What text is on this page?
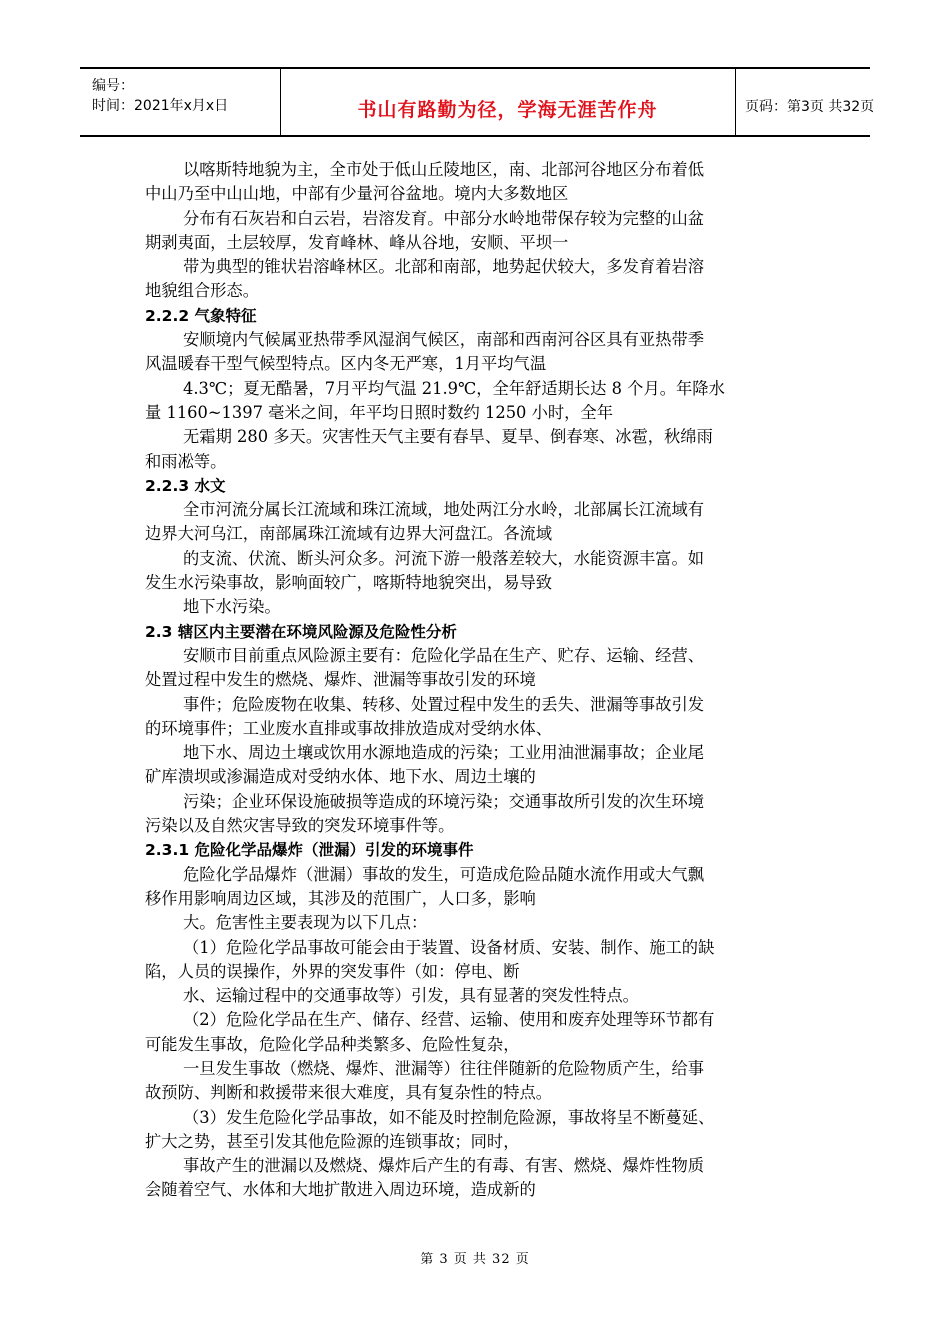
编号：
时间：2021年x月x日	书山有路勤为径，学海无涯苦作舟	页码：第3页 共32页
以喀斯特地貌为主，全市处于低山丘陵地区，南、北部河谷地区分布着低
中山乃至中山山地，中部有少量河谷盆地。境内大多数地区
分布有石灰岩和白云岩，岩溶发育。中部分水岭地带保存较为完整的山盆
期剥夷面，土层较厚，发育峰林、峰从谷地，安顺、平坝一
带为典型的锥状岩溶峰林区。北部和南部，地势起伏较大，多发育着岩溶
地貌组合形态。
2.2.2 气象特征
安顺境内气候属亚热带季风湿润气候区，南部和西南河谷区具有亚热带季
风温暖春干型气候型特点。区内冬无严寒，1月平均气温
4.3℃；夏无酷暑，7月平均气温 21.9℃，全年舒适期长达 8 个月。年降水
量 1160~1397 毫米之间，年平均日照时数约 1250 小时，全年
无霜期 280 多天。灾害性天气主要有春旱、夏旱、倒春寒、冰雹，秋绵雨
和雨凇等。
2.2.3 水文
全市河流分属长江流域和珠江流域，地处两江分水岭，北部属长江流域有
边界大河乌江，南部属珠江流域有边界大河盘江。各流域
的支流、伏流、断头河众多。河流下游一般落差较大，水能资源丰富。如
发生水污染事故，影响面较广，喀斯特地貌突出，易导致
地下水污染。
2.3 辖区内主要潜在环境风险源及危险性分析
安顺市目前重点风险源主要有：危险化学品在生产、贮存、运输、经营、
处置过程中发生的燃烧、爆炸、泄漏等事故引发的环境
事件；危险废物在收集、转移、处置过程中发生的丢失、泄漏等事故引发
的环境事件；工业废水直排或事故排放造成对受纳水体、
地下水、周边土壤或饮用水源地造成的污染；工业用油泄漏事故；企业尾
矿库溃坝或渗漏造成对受纳水体、地下水、周边土壤的
污染；企业环保设施破损等造成的环境污染；交通事故所引发的次生环境
污染以及自然灾害导致的突发环境事件等。
2.3.1 危险化学品爆炸（泄漏）引发的环境事件
危险化学品爆炸（泄漏）事故的发生，可造成危险品随水流作用或大气飘
移作用影响周边区域，其涉及的范围广，人口多，影响
大。危害性主要表现为以下几点：
（1）危险化学品事故可能会由于装置、设备材质、安装、制作、施工的缺
陷，人员的误操作，外界的突发事件（如：停电、断
水、运输过程中的交通事故等）引发，具有显著的突发性特点。
（2）危险化学品在生产、储存、经营、运输、使用和废弃处理等环节都有
可能发生事故，危险化学品种类繁多、危险性复杂，
一旦发生事故（燃烧、爆炸、泄漏等）往往伴随新的危险物质产生，给事
故预防、判断和救援带来很大难度，具有复杂性的特点。
（3）发生危险化学品事故，如不能及时控制危险源，事故将呈不断蔓延、
扩大之势，甚至引发其他危险源的连锁事故；同时，
事故产生的泄漏以及燃烧、爆炸后产生的有毒、有害、燃烧、爆炸性物质
会随着空气、水体和大地扩散进入周边环境，造成新的
第 3 页 共 32 页
